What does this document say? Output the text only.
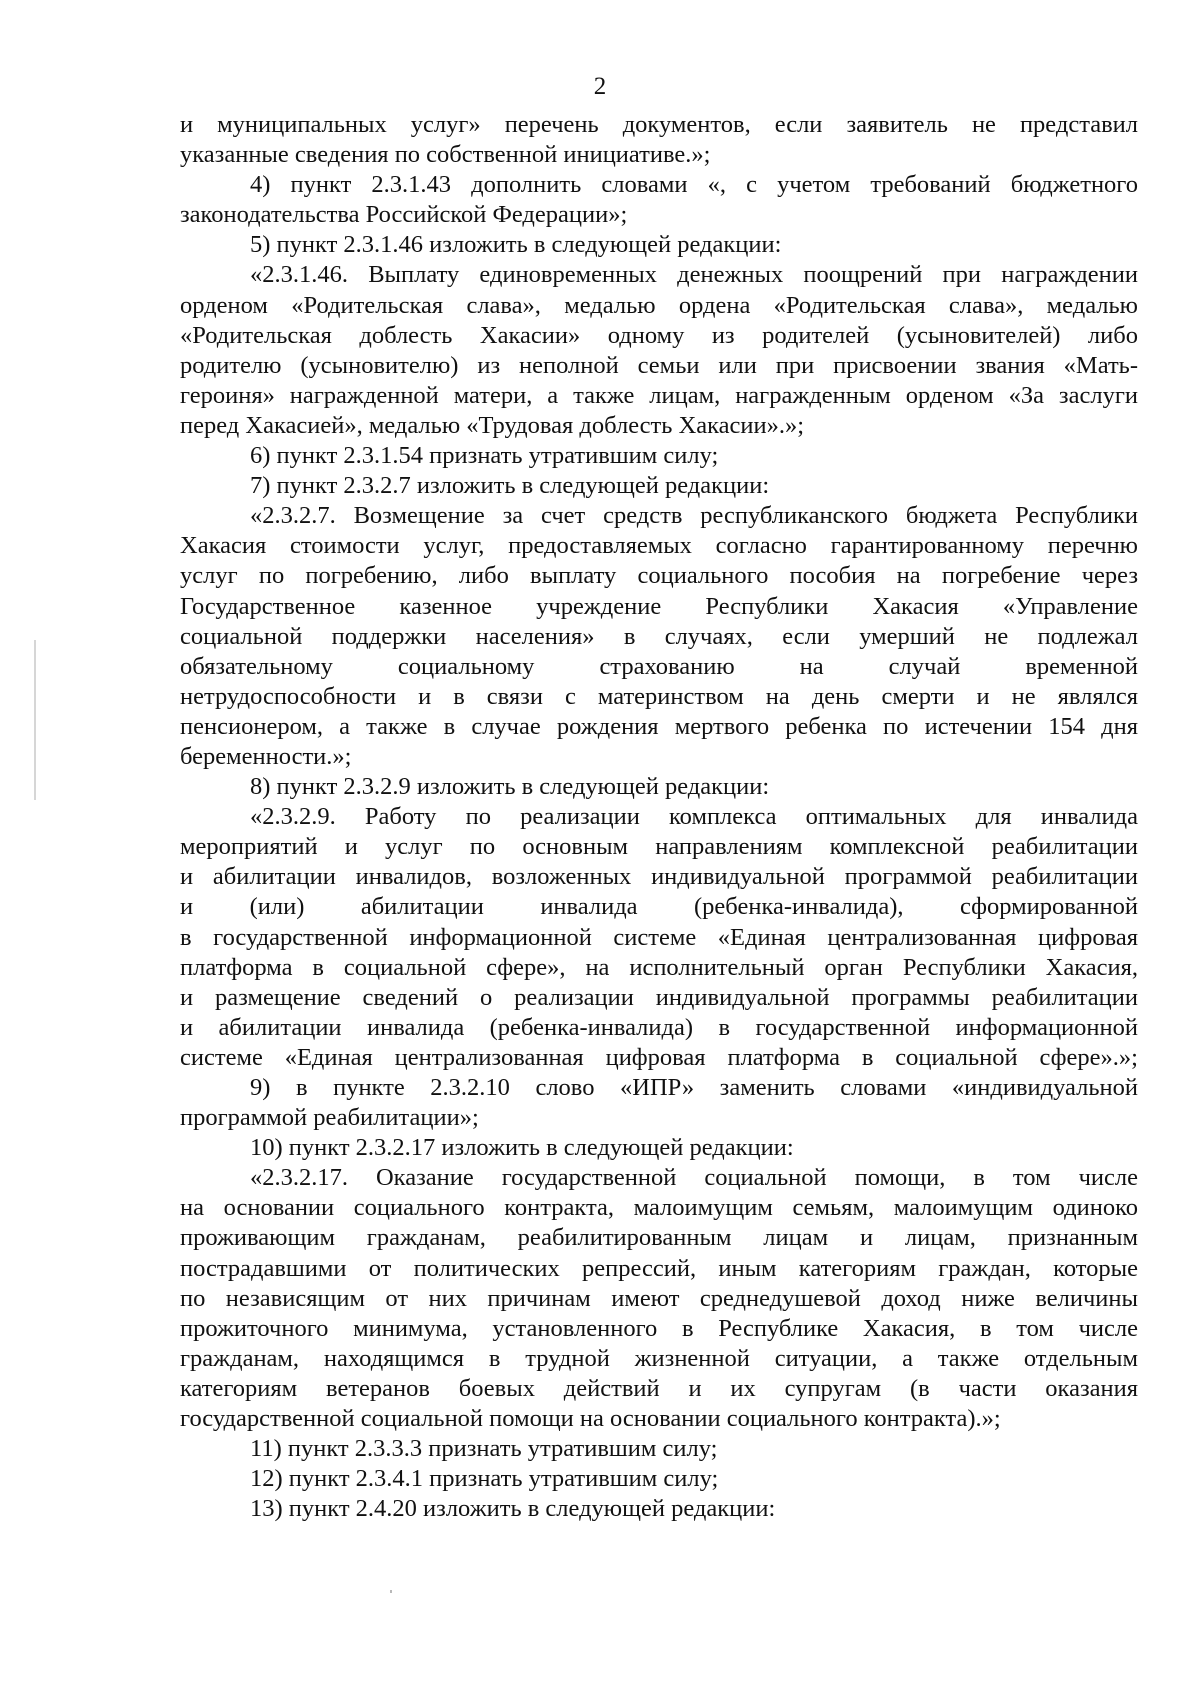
2
и муниципальных услуг» перечень документов, если заявитель не представил
указанные сведения по собственной инициативе.»;
4) пункт 2.3.1.43 дополнить словами «, с учетом требований бюджетного
законодательства Российской Федерации»;
5) пункт 2.3.1.46 изложить в следующей редакции:
«2.3.1.46. Выплату единовременных денежных поощрений при награждении
орденом «Родительская слава», медалью ордена «Родительская слава», медалью
«Родительская доблесть Хакасии» одному из родителей (усыновителей) либо
родителю (усыновителю) из неполной семьи или при присвоении звания «Мать-
героиня» награжденной матери, а также лицам, награжденным орденом «За заслуги
перед Хакасией», медалью «Трудовая доблесть Хакасии».»;
6) пункт 2.3.1.54 признать утратившим силу;
7) пункт 2.3.2.7 изложить в следующей редакции:
«2.3.2.7. Возмещение за счет средств республиканского бюджета Республики
Хакасия стоимости услуг, предоставляемых согласно гарантированному перечню
услуг по погребению, либо выплату социального пособия на погребение через
Государственное казенное учреждение Республики Хакасия «Управление
социальной поддержки населения» в случаях, если умерший не подлежал
обязательному социальному страхованию на случай временной
нетрудоспособности и в связи с материнством на день смерти и не являлся
пенсионером, а также в случае рождения мертвого ребенка по истечении 154 дня
беременности.»;
8) пункт 2.3.2.9 изложить в следующей редакции:
«2.3.2.9. Работу по реализации комплекса оптимальных для инвалида
мероприятий и услуг по основным направлениям комплексной реабилитации
и абилитации инвалидов, возложенных индивидуальной программой реабилитации
и (или) абилитации инвалида (ребенка-инвалида), сформированной
в государственной информационной системе «Единая централизованная цифровая
платформа в социальной сфере», на исполнительный орган Республики Хакасия,
и размещение сведений о реализации индивидуальной программы реабилитации
и абилитации инвалида (ребенка-инвалида) в государственной информационной
системе «Единая централизованная цифровая платформа в социальной сфере».»;
9) в пункте 2.3.2.10 слово «ИПР» заменить словами «индивидуальной
программой реабилитации»;
10) пункт 2.3.2.17 изложить в следующей редакции:
«2.3.2.17. Оказание государственной социальной помощи, в том числе
на основании социального контракта, малоимущим семьям, малоимущим одиноко
проживающим гражданам, реабилитированным лицам и лицам, признанным
пострадавшими от политических репрессий, иным категориям граждан, которые
по независящим от них причинам имеют среднедушевой доход ниже величины
прожиточного минимума, установленного в Республике Хакасия, в том числе
гражданам, находящимся в трудной жизненной ситуации, а также отдельным
категориям ветеранов боевых действий и их супругам (в части оказания
государственной социальной помощи на основании социального контракта).»;
11) пункт 2.3.3.3 признать утратившим силу;
12) пункт 2.3.4.1 признать утратившим силу;
13) пункт 2.4.20 изложить в следующей редакции:
